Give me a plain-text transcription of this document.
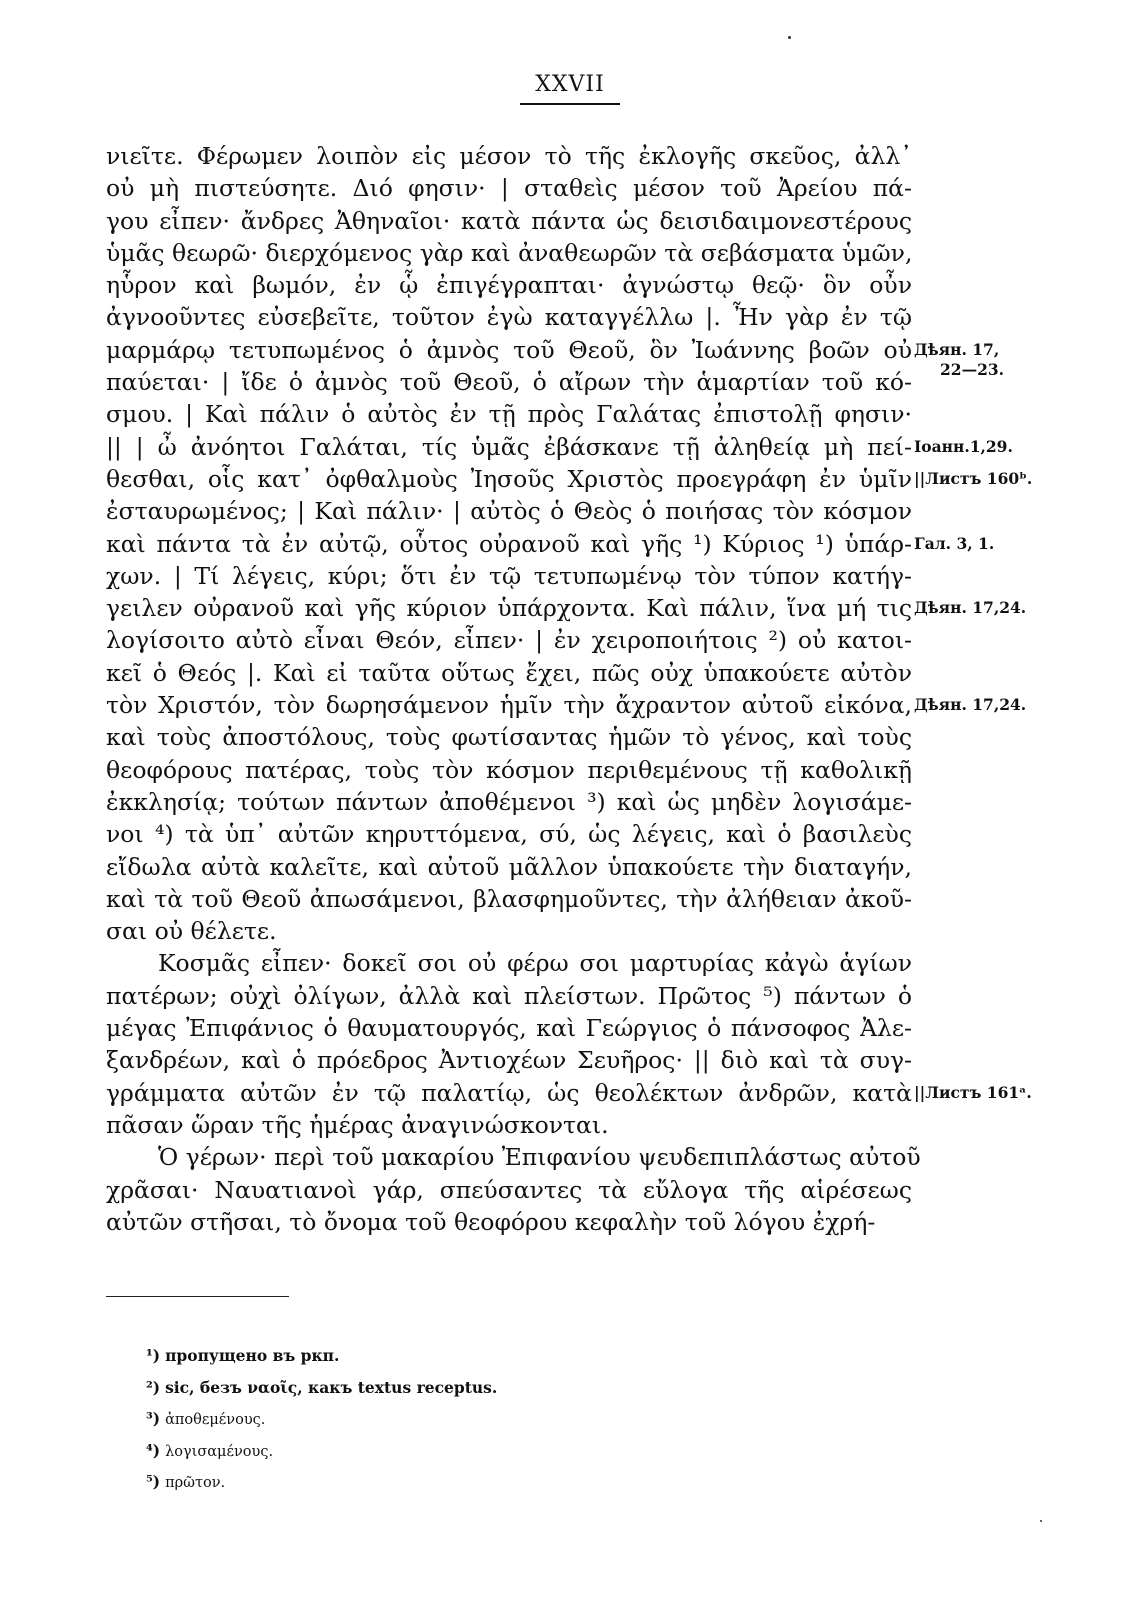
XXVII
νιεῖτε. Φέρωμεν λοιπὸν εἰς μέσον τὸ τῆς ἐκλογῆς σκεῦος, ἀλλ᾽
οὐ μὴ πιστεύσητε. Διό φησιν· | σταθεὶς μέσον τοῦ Ἀρείου πά-
γου εἶπεν· ἄνδρες Ἀθηναῖοι· κατὰ πάντα ὡς δεισιδαιμονεστέρους
ὑμᾶς θεωρῶ· διερχόμενος γὰρ καὶ ἀναθεωρῶν τὰ σεβάσματα ὑμῶν,
ηὗρον καὶ βωμόν, ἐν ᾧ ἐπιγέγραπται· ἀγνώστῳ θεῷ· ὃν οὖν
ἀγνοοῦντες εὐσεβεῖτε, τοῦτον ἐγὼ καταγγέλλω |. Ἦν γὰρ ἐν τῷ
μαρμάρῳ τετυπωμένος ὁ ἀμνὸς τοῦ Θεοῦ, ὃν Ἰωάννης βοῶν οὐ
παύεται· | ἴδε ὁ ἀμνὸς τοῦ Θεοῦ, ὁ αἴρων τὴν ἁμαρτίαν τοῦ κό-
σμου. | Καὶ πάλιν ὁ αὐτὸς ἐν τῇ πρὸς Γαλάτας ἐπιστολῇ φησιν·
|| | ὦ ἀνόητοι Γαλάται, τίς ὑμᾶς ἐβάσκανε τῇ ἀληθείᾳ μὴ πεί-
θεσθαι, οἷς κατ᾽ ὀφθαλμοὺς Ἰησοῦς Χριστὸς προεγράφη ἐν ὑμῖν
ἐσταυρωμένος; | Καὶ πάλιν· | αὐτὸς ὁ Θεὸς ὁ ποιήσας τὸν κόσμον
καὶ πάντα τὰ ἐν αὐτῷ, οὗτος οὐρανοῦ καὶ γῆς ¹) Κύριος ¹) ὑπάρ-
χων. | Τί λέγεις, κύρι; ὅτι ἐν τῷ τετυπωμένῳ τὸν τύπον κατήγ-
γειλεν οὐρανοῦ καὶ γῆς κύριον ὑπάρχοντα. Καὶ πάλιν, ἵνα μή τις
λογίσοιτο αὐτὸ εἶναι Θεόν, εἶπεν· | ἐν χειροποιήτοις ²) οὐ κατοι-
κεῖ ὁ Θεός |. Καὶ εἰ ταῦτα οὕτως ἔχει, πῶς οὐχ ὑπακούετε αὐτὸν
τὸν Χριστόν, τὸν δωρησάμενον ἡμῖν τὴν ἄχραντον αὐτοῦ εἰκόνα,
καὶ τοὺς ἀποστόλους, τοὺς φωτίσαντας ἡμῶν τὸ γένος, καὶ τοὺς
θεοφόρους πατέρας, τοὺς τὸν κόσμον περιθεμένους τῇ καθολικῇ
ἐκκλησίᾳ; τούτων πάντων ἀποθέμενοι ³) καὶ ὡς μηδὲν λογισάμε-
νοι ⁴) τὰ ὑπ᾽ αὐτῶν κηρυττόμενα, σύ, ὡς λέγεις, καὶ ὁ βασιλεὺς
εἴδωλα αὐτὰ καλεῖτε, καὶ αὐτοῦ μᾶλλον ὑπακούετε τὴν διαταγήν,
καὶ τὰ τοῦ Θεοῦ ἀπωσάμενοι, βλασφημοῦντες, τὴν ἀλήθειαν ἀκοῦ-
σαι οὐ θέλετε.
Κοσμᾶς εἶπεν· δοκεῖ σοι οὐ φέρω σοι μαρτυρίας κἀγὼ ἁγίων
πατέρων; οὐχὶ ὀλίγων, ἀλλὰ καὶ πλείστων. Πρῶτος ⁵) πάντων ὁ
μέγας Ἐπιφάνιος ὁ θαυματουργός, καὶ Γεώργιος ὁ πάνσοφος Ἀλε-
ξανδρέων, καὶ ὁ πρόεδρος Ἀντιοχέων Σευῆρος· || διὸ καὶ τὰ συγ-
γράμματα αὐτῶν ἐν τῷ παλατίῳ, ὡς θεολέκτων ἀνδρῶν, κατὰ
πᾶσαν ὥραν τῆς ἡμέρας ἀναγινώσκονται.
Ὁ γέρων· περὶ τοῦ μακαρίου Ἐπιφανίου ψευδεπιπλάστως αὐτοῦ
χρᾶσαι· Ναυατιανοὶ γάρ, σπεύσαντες τὰ εὔλογα τῆς αἱρέσεως
αὐτῶν στῆσαι, τὸ ὄνομα τοῦ θεοφόρου κεφαλὴν τοῦ λόγου ἐχρή-
Дѣян. 17,
22—23.
Ioанн.1,29.
||Листъ 160ᵇ.
Гал. 3, 1.
Дѣян. 17,24.
Дѣян. 17,24.
||Листъ 161ᵃ.
¹) пропущено въ ркп.
²) sic, безъ ναοῖς, какъ textus receptus.
³) ἀποθεμένους.
⁴) λογισαμένους.
⁵) πρῶτον.
